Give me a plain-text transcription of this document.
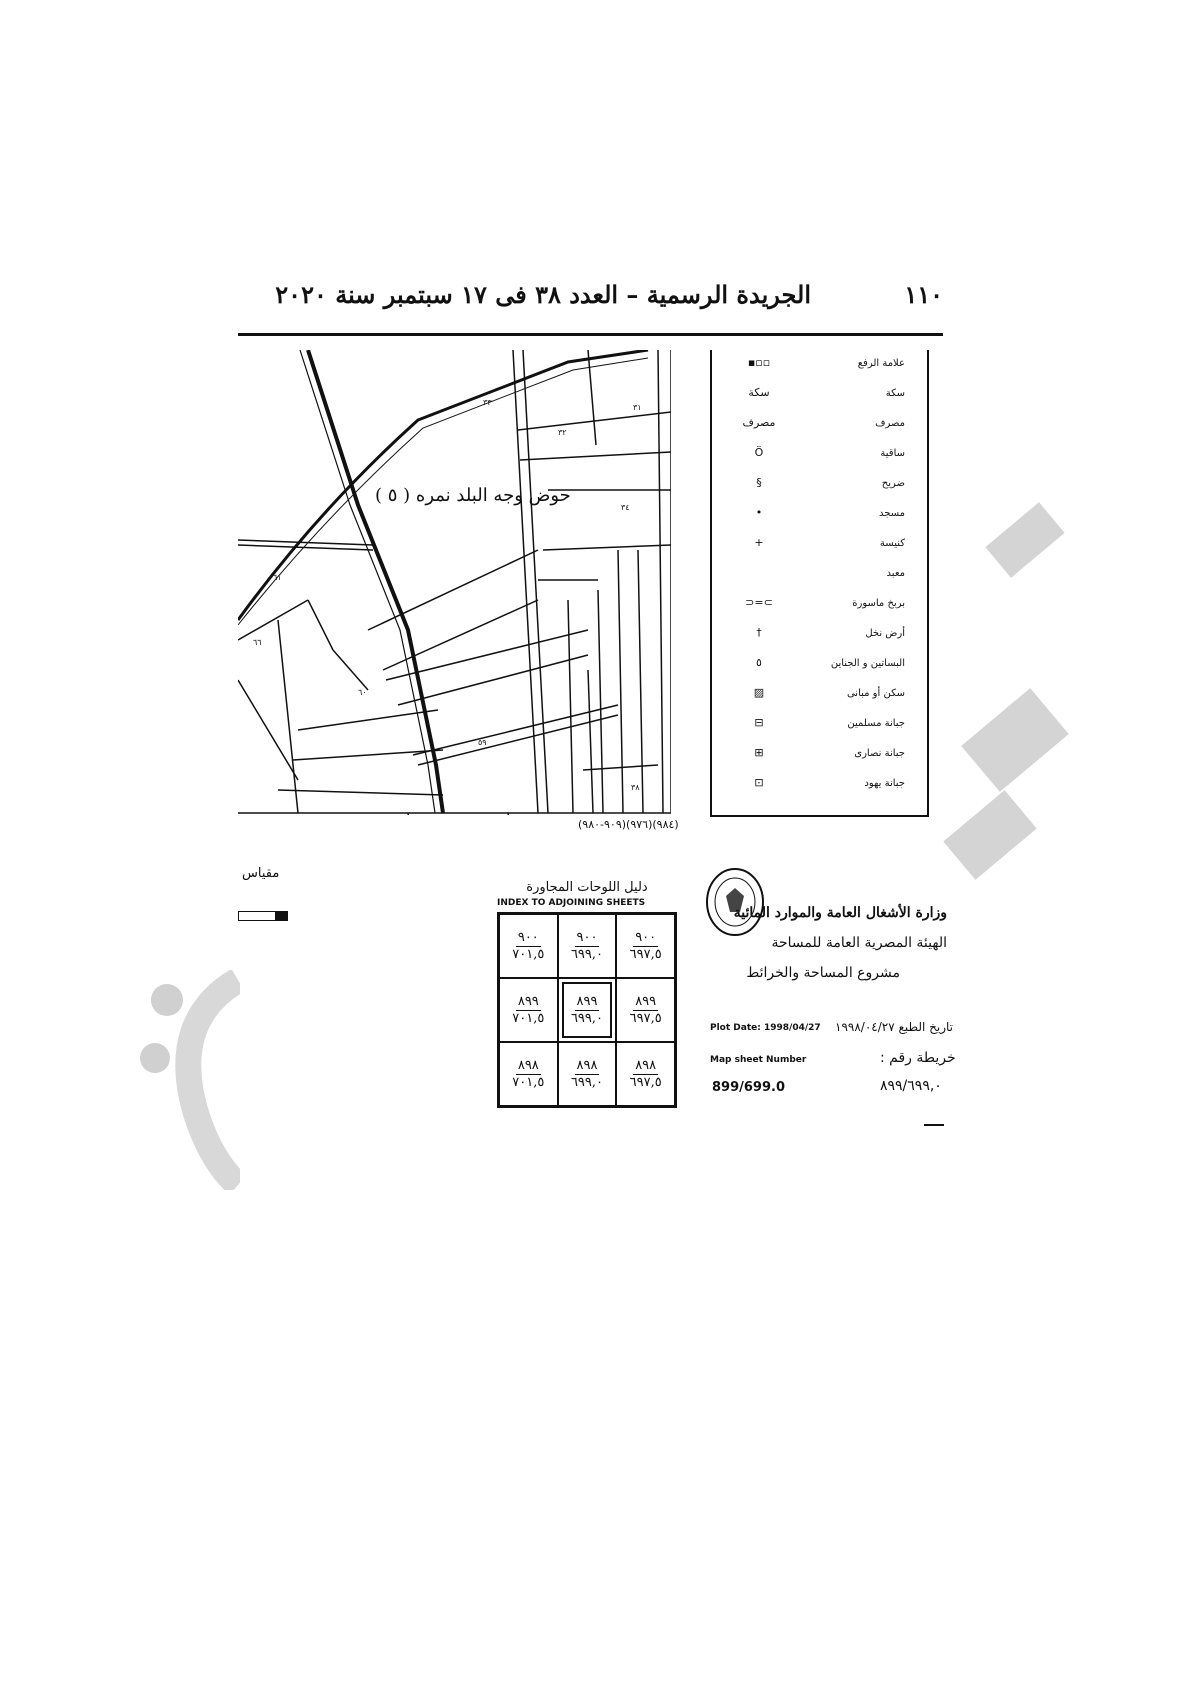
١١٠
الجريدة الرسمية – العدد ٣٨ فى ١٧ سبتمبر سنة ٢٠٢٠
٣٣
٣٢
٣١
٣٤
٦١
٦٦
٦٠
٥٩
٣٨
حوض وجه البلد نمره ( ٥ )
(٩٠٩-٩٨٠)(٩٧٦)(٩٨٤)
▪▫▫	علامة الرفع
سكة	سكة
مصرف	مصرف
Ö	ساقية
§	ضريح
•	مسجد
+	كنيسة
معبد
⊃=⊂	بربخ ماسورة
†	أرض نخل
٥	البساتين و الجناين
▨	سكن أو مبانى
⊟	جبانة مسلمين
⊞	جبانة نصارى
⊡	جبانة يهود
مقياس
دليل اللوحات المجاورة
INDEX TO ADJOINING SHEETS
$\frac{٩٠٠}{٧٠١,٥} \frac{٩٠٠}{٦٩٩,٠} \frac{٩٠٠}{٦٩٧,٥}$
$\frac{٨٩٩}{٧٠١,٥} \frac{٨٩٩}{٦٩٩,٠} \frac{٨٩٩}{٦٩٧,٥}$
$\frac{٨٩٨}{٧٠١,٥} \frac{٨٩٨}{٦٩٩,٠} \frac{٨٩٨}{٦٩٧,٥}$
وزارة الأشغال العامة والموارد المائية
الهيئة المصرية العامة للمساحة
مشروع المساحة والخرائط
Plot Date: 1998/04/27 تاريخ الطبع ١٩٩٨/٠٤/٢٧
Map sheet Number	خريطة رقم :
899/699.0	٨٩٩/٦٩٩,٠
